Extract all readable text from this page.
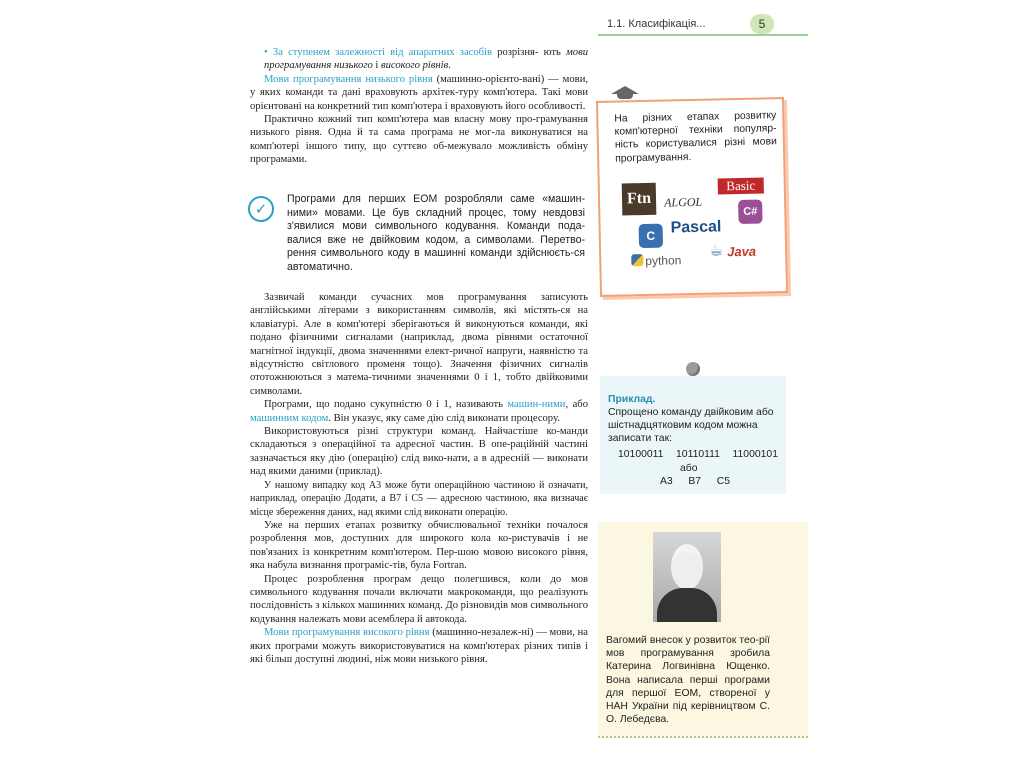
1.1. Класифікація...	5

• За ступенем залежності від апаратних засобів розрізня- ють мови програмування низького і високого рівнів.

Мови програмування низького рівня (машинно-орієнто-вані) — мови, у яких команди та дані враховують архітек-туру комп'ютера. Такі мови орієнтовані на конкретний тип комп'ютера і враховують його особливості.

Практично кожний тип комп'ютера мав власну мову про-грамування низького рівня. Одна й та сама програма не мог-ла виконуватися на комп'ютері іншого типу, що суттєво об-межувало можливість обміну програмами.

✓
Програми для перших ЕОМ розробляли саме «машин-ними» мовами. Це був складний процес, тому невдовзі з'явилися мови символьного кодування. Команди пода-валися вже не двійковим кодом, а символами. Перетво-рення символьного коду в машинні команди здійснюєть-ся автоматично.

Зазвичай команди сучасних мов програмування записують англійськими літерами з використанням символів, які містять-ся на клавіатурі. Але в комп'ютері зберігаються й виконуються команди, які подано фізичними сигналами (наприклад, двома рівнями остаточної магнітної індукції, двома значеннями елект-ричної напруги, наявністю та відсутністю світлового променя тощо). Значення фізичних сигналів ототожнюються з матема-тичними значеннями 0 і 1, тобто двійковими символами.

Програми, що подано сукупністю 0 і 1, називають машин-ними, або машинним кодом. Він указує, яку саме дію слід виконати процесору.

Використовуються різні структури команд. Найчастіше ко-манди складаються з операційної та адресної частин. В опе-раційній частині зазначається яку дію (операцію) слід вико-нати, а в адресній — виконати над якими даними (приклад).

У нашому випадку код А3 може бути операційною частиною й означати, наприклад, операцію Додати, а В7 і С5 — адресною частиною, яка визначає місце збереження даних, над якими слід виконати операцію.

Уже на перших етапах розвитку обчислювальної техніки почалося розроблення мов, доступних для широкого кола ко-ристувачів і не пов'язаних із конкретним комп'ютером. Пер-шою мовою високого рівня, яка набула визнання програміс-тів, була Fortran.

Процес розроблення програм дещо полегшився, коли до мов символьного кодування почали включати макрокоманди, що реалізують послідовність з кількох машинних команд. До різновидів мов символьного кодування належать мови асемблера й автокода.

Мови програмування високого рівня (машинно-незалеж-ні) — мови, на яких програми можуть використовуватися на комп'ютерах різних типів і які більш доступні людині, ніж мови низького рівня.

На різних етапах розвитку комп'ютерної техніки популяр-ність користувалися різні мови програмування.
Ftn	ALGOL
Basic
C#
C Pascal
python
☕ Java
Приклад.
Спрощено команду двійковим або шістнадцятковим кодом можна записати так:
10100011 10110111 11000101
або
А3 В7 С5
Вагомий внесок у розвиток тео-рії мов програмування зробила Катерина Логвинівна Ющенко. Вона написала перші програми для першої ЕОМ, створеної у НАН України під керівництвом С. О. Лебедєва.
